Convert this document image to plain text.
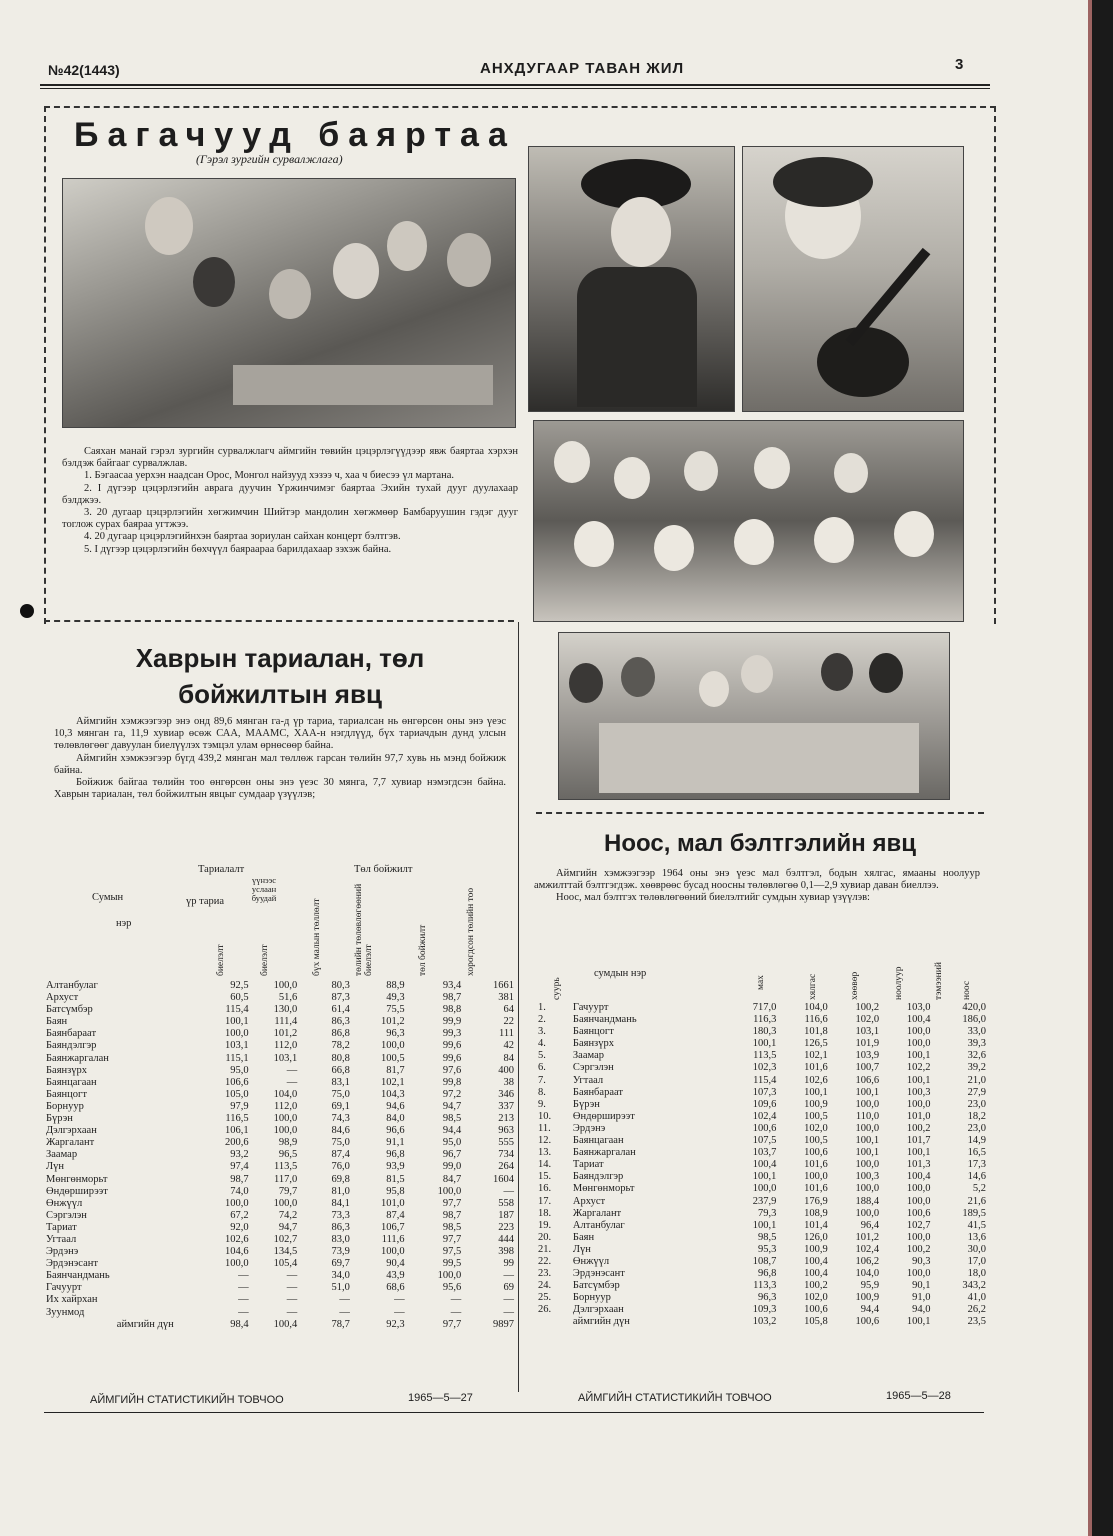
№42(1443)	АНХДУГААР ТАВАН ЖИЛ	3
Багачууд баяртаа
(Гэрэл зургийн сурвалжлага)

Саяхан манай гэрэл зургийн сурвалжлагч аймгийн төвийн цэцэрлэгүүдээр явж баяртаа хэрхэн бэлдэж байгааг сурвалжлав.

1. Бэгаасаа уерхэн наадсан Орос, Монгол найзууд хэзээ ч, хаа ч биесээ үл мартана.

2. I дүгээр цэцэрлэгийн аврага дуучин Үржинчимэг баяртаа Эхийн тухай дууг дуулахаар бэлджээ.

3. 20 дугаар цэцэрлэгийн хөгжимчин Шийтэр мандолин хөгжмөөр Бамбаруушин гэдэг дууг тоглож сурах баяраа угтжээ.

4. 20 дугаар цэцэрлэгийнхэн баяртаа зориулан сайхан концерт бэлтгэв.

5. I дүгээр цэцэрлэгийн бөхчүүл баяраараа барилдахаар зэхэж байна.

Хаврын тариалан, төл
бойжилтын явц

Аймгийн хэмжээгээр энэ онд 89,6 мянган га-д үр тариа, тариалсан нь өнгөрсөн оны энэ үеэс 10,3 мянган га, 11,9 хувиар өсөж САА, МААМС, ХАА-н нэгдлүүд, бүх тариачдын дунд улсын төлөвлөгөөг давуулан биелүүлэх тэмцэл улам өрнөсөөр байна.

Аймгийн хэмжээгээр бүгд 439,2 мянган мал төллөж гарсан төлийн 97,7 хувь нь мэнд бойжиж байна.

Бойжиж байгаа төлийн тоо өнгөрсөн оны энэ үеэс 30 мянга, 7,7 хувиар нэмэгдсэн байна. Хаврын тариалан, төл бойжилтын явцыг сумдаар үзүүлэв;

Тариалалт	Төл бойжилт
Сумын
нэр
үр тариа
үүнээс услаан буудай
биелэлт	биелэлт	бүх малын төллөлт	төлийн төлөвлөгөөний биелэлт	төл бойжилт	хорогдсон төлийн тоо
Алтанбулаг	92,5	100,0	80,3	88,9	93,4	1661
Архуст	60,5	51,6	87,3	49,3	98,7	381
Батсүмбэр	115,4	130,0	61,4	75,5	98,8	64
Баян	100,1	111,4	86,3	101,2	99,9	22
Баянбараат	100,0	101,2	86,8	96,3	99,3	111
Баяндэлгэр	103,1	112,0	78,2	100,0	99,6	42
Баянжаргалан	115,1	103,1	80,8	100,5	99,6	84
Баянзүрх	95,0	—	66,8	81,7	97,6	400
Баянцагаан	106,6	—	83,1	102,1	99,8	38
Баянцогт	105,0	104,0	75,0	104,3	97,2	346
Борнуур	97,9	112,0	69,1	94,6	94,7	337
Бүрэн	116,5	100,0	74,3	84,0	98,5	213
Дэлгэрхаан	106,1	100,0	84,6	96,6	94,4	963
Жаргалант	200,6	98,9	75,0	91,1	95,0	555
Заамар	93,2	96,5	87,4	96,8	96,7	734
Лүн	97,4	113,5	76,0	93,9	99,0	264
Мөнгөнморьт	98,7	117,0	69,8	81,5	84,7	1604
Өндөрширээт	74,0	79,7	81,0	95,8	100,0	—
Өнжүүл	100,0	100,0	84,1	101,0	97,7	558
Сэргэлэн	67,2	74,2	73,3	87,4	98,7	187
Тариат	92,0	94,7	86,3	106,7	98,5	223
Угтаал	102,6	102,7	83,0	111,6	97,7	444
Эрдэнэ	104,6	134,5	73,9	100,0	97,5	398
Эрдэнэсант	100,0	105,4	69,7	90,4	99,5	99
Баянчандмань	—	—	34,0	43,9	100,0	—
Гачуурт	—	—	51,0	68,6	95,6	69
Их хайрхан	—	—	—	—	—	—
Зуунмод	—	—	—	—	—	—
аймгийн дүн	98,4	100,4	78,7	92,3	97,7	9897
АЙМГИЙН СТАТИСТИКИЙН ТОВЧОО	1965—5—27
Ноос, мал бэлтгэлийн явц

Аймгийн хэмжээгээр 1964 оны энэ үеэс мал бэлтгэл, бодын хялгас, ямааны ноолуур амжилттай бэлтгэгдэж. хөөврөөс бусад ноосны төлөвлөгөө 0,1—2,9 хувиар даван биеллээ.

Ноос, мал бэлтгэх төлөвлөгөөний биелэлтийг сумдын хувиар үзүүлэв:

суурь
сумдын нэр
мах	хялгас	хөөвөр	ноолуур	тэмээний ноос
1.	Гачуурт	717,0	104,0	100,2	103,0	420,0
2.	Баянчандмань	116,3	116,6	102,0	100,4	186,0
3.	Баянцогт	180,3	101,8	103,1	100,0	33,0
4.	Баянзүрх	100,1	126,5	101,9	100,0	39,3
5.	Заамар	113,5	102,1	103,9	100,1	32,6
6.	Сэргэлэн	102,3	101,6	100,7	102,2	39,2
7.	Угтаал	115,4	102,6	106,6	100,1	21,0
8.	Баянбараат	107,3	100,1	100,1	100,3	27,9
9.	Бүрэн	109,6	100,9	100,0	100,0	23,0
10.	Өндөрширээт	102,4	100,5	110,0	101,0	18,2
11.	Эрдэнэ	100,6	102,0	100,0	100,2	23,0
12.	Баянцагаан	107,5	100,5	100,1	101,7	14,9
13.	Баянжаргалан	103,7	100,6	100,1	100,1	16,5
14.	Тариат	100,4	101,6	100,0	101,3	17,3
15.	Баяндэлгэр	100,1	100,0	100,3	100,4	14,6
16.	Мөнгөнморьт	100,0	101,6	100,0	100,0	5,2
17.	Архуст	237,9	176,9	188,4	100,0	21,6
18.	Жаргалант	79,3	108,9	100,0	100,6	189,5
19.	Алтанбулаг	100,1	101,4	96,4	102,7	41,5
20.	Баян	98,5	126,0	101,2	100,0	13,6
21.	Лүн	95,3	100,9	102,4	100,2	30,0
22.	Өнжүүл	108,7	100,4	106,2	90,3	17,0
23.	Эрдэнэсант	96,8	100,4	104,0	100,0	18,0
24.	Батсүмбэр	113,3	100,2	95,9	90,1	343,2
25.	Борнуур	96,3	102,0	100,9	91,0	41,0
26.	Дэлгэрхаан	109,3	100,6	94,4	94,0	26,2
	аймгийн дүн	103,2	105,8	100,6	100,1	23,5
АЙМГИЙН СТАТИСТИКИЙН ТОВЧОО	1965—5—28
